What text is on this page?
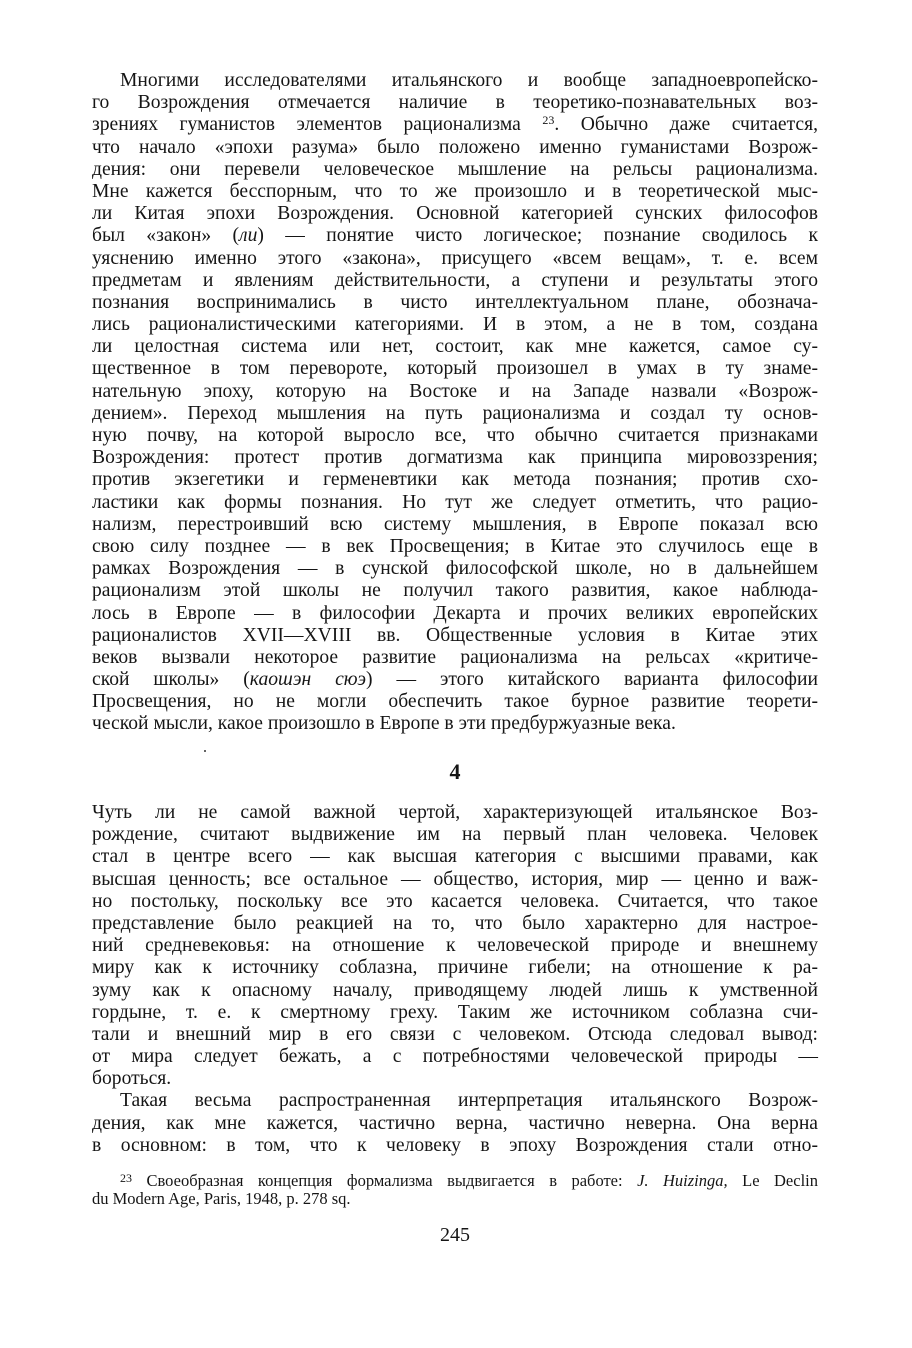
Многими исследователями итальянского и вообще западноевропейско-
го Возрождения отмечается наличие в теоретико-познавательных воз-
зрениях гуманистов элементов рационализма $^{23}$. Обычно даже считается,
что начало «эпохи разума» было положено именно гуманистами Возрож-
дения: они перевели человеческое мышление на рельсы рационализма.
Мне кажется бесспорным, что то же произошло и в теоретической мыс-
ли Китая эпохи Возрождения. Основной категорией сунских философов
был «закон» (ли) — понятие чисто логическое; познание сводилось к
уяснению именно этого «закона», присущего «всем вещам», т. е. всем
предметам и явлениям действительности, а ступени и результаты этого
познания воспринимались в чисто интеллектуальном плане, обознача-
лись рационалистическими категориями. И в этом, а не в том, создана
ли целостная система или нет, состоит, как мне кажется, самое су-
щественное в том перевороте, который произошел в умах в ту знаме-
нательную эпоху, которую на Востоке и на Западе назвали «Возрож-
дением». Переход мышления на путь рационализма и создал ту основ-
ную почву, на которой выросло все, что обычно считается признаками
Возрождения: протест против догматизма как принципа мировоззрения;
против экзегетики и герменевтики как метода познания; против схо-
ластики как формы познания. Но тут же следует отметить, что рацио-
нализм, перестроивший всю систему мышления, в Европе показал всю
свою силу позднее — в век Просвещения; в Китае это случилось еще в
рамках Возрождения — в сунской философской школе, но в дальнейшем
рационализм этой школы не получил такого развития, какое наблюда-
лось в Европе — в философии Декарта и прочих великих европейских
рационалистов XVII—XVIII вв. Общественные условия в Китае этих
веков вызвали некоторое развитие рационализма на рельсах «критиче-
ской школы» (каошэн сюэ) — этого китайского варианта философии
Просвещения, но не могли обеспечить такое бурное развитие теорети-
ческой мысли, какое произошло в Европе в эти предбуржуазные века.
4
Чуть ли не самой важной чертой, характеризующей итальянское Воз-
рождение, считают выдвижение им на первый план человека. Человек
стал в центре всего — как высшая категория с высшими правами, как
высшая ценность; все остальное — общество, история, мир — ценно и важ-
но постольку, поскольку все это касается человека. Считается, что такое
представление было реакцией на то, что было характерно для настрое-
ний средневековья: на отношение к человеческой природе и внешнему
миру как к источнику соблазна, причине гибели; на отношение к ра-
зуму как к опасному началу, приводящему людей лишь к умственной
гордыне, т. е. к смертному греху. Таким же источником соблазна счи-
тали и внешний мир в его связи с человеком. Отсюда следовал вывод:
от мира следует бежать, а с потребностями человеческой природы —
бороться.
Такая весьма распространенная интерпретация итальянского Возрож-
дения, как мне кажется, частично верна, частично неверна. Она верна
в основном: в том, что к человеку в эпоху Возрождения стали отно-
$^{23}$ Своеобразная концепция формализма выдвигается в работе: J. Huizinga, Le Declin
du Modern Age, Paris, 1948, p. 278 sq.
245
